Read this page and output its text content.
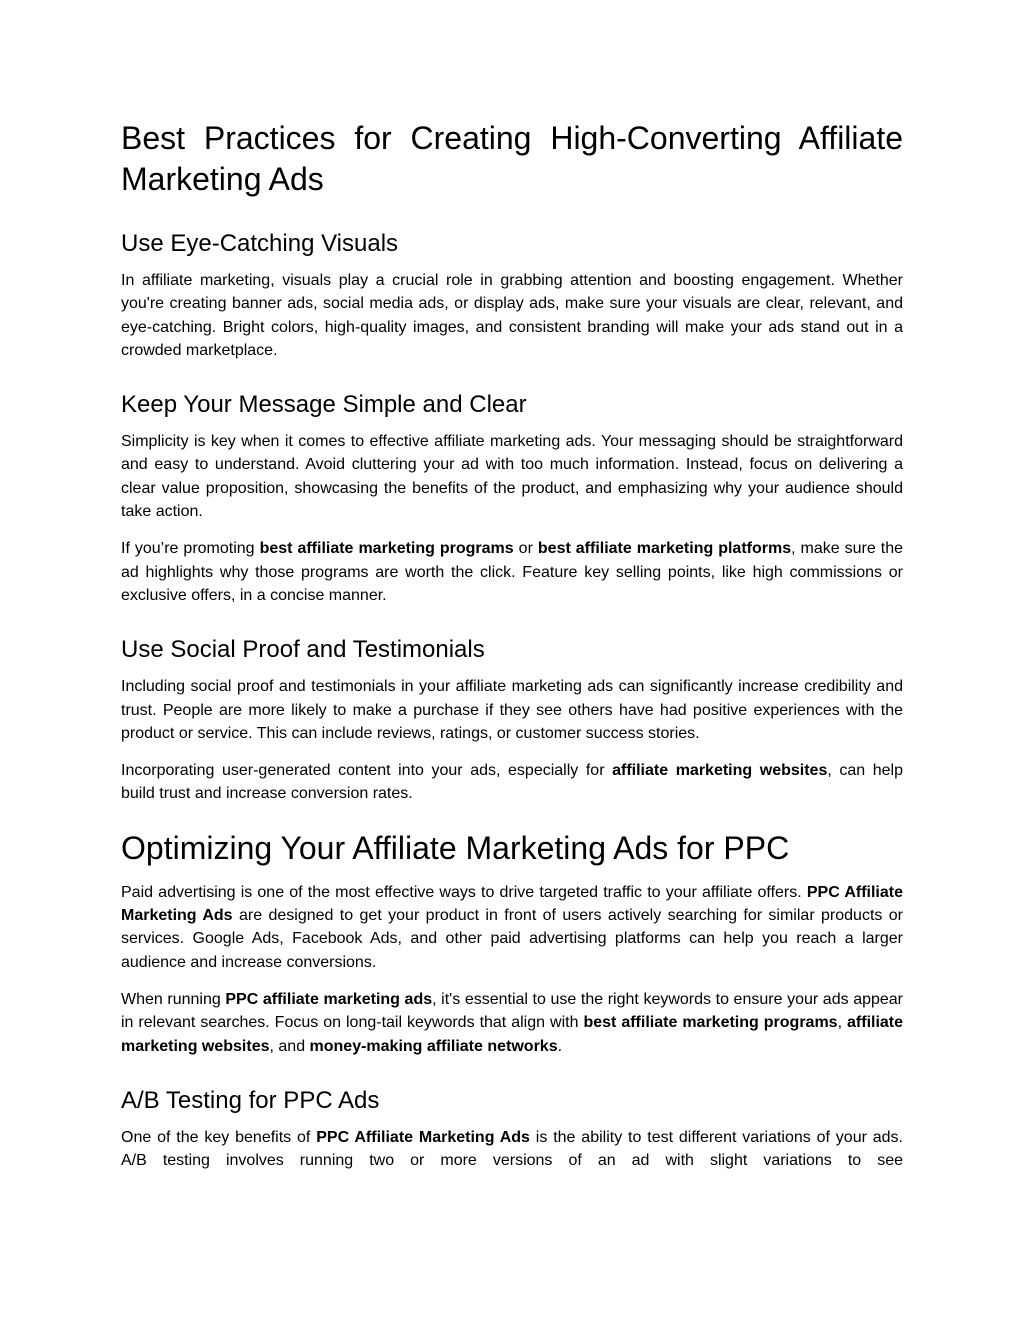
Best Practices for Creating High-Converting Affiliate Marketing Ads
Use Eye-Catching Visuals

In affiliate marketing, visuals play a crucial role in grabbing attention and boosting engagement. Whether you're creating banner ads, social media ads, or display ads, make sure your visuals are clear, relevant, and eye-catching. Bright colors, high-quality images, and consistent branding will make your ads stand out in a crowded marketplace.

Keep Your Message Simple and Clear

Simplicity is key when it comes to effective affiliate marketing ads. Your messaging should be straightforward and easy to understand. Avoid cluttering your ad with too much information. Instead, focus on delivering a clear value proposition, showcasing the benefits of the product, and emphasizing why your audience should take action.

If you’re promoting best affiliate marketing programs or best affiliate marketing platforms, make sure the ad highlights why those programs are worth the click. Feature key selling points, like high commissions or exclusive offers, in a concise manner.

Use Social Proof and Testimonials

Including social proof and testimonials in your affiliate marketing ads can significantly increase credibility and trust. People are more likely to make a purchase if they see others have had positive experiences with the product or service. This can include reviews, ratings, or customer success stories.

Incorporating user-generated content into your ads, especially for affiliate marketing websites, can help build trust and increase conversion rates.

Optimizing Your Affiliate Marketing Ads for PPC

Paid advertising is one of the most effective ways to drive targeted traffic to your affiliate offers. PPC Affiliate Marketing Ads are designed to get your product in front of users actively searching for similar products or services. Google Ads, Facebook Ads, and other paid advertising platforms can help you reach a larger audience and increase conversions.

When running PPC affiliate marketing ads, it's essential to use the right keywords to ensure your ads appear in relevant searches. Focus on long-tail keywords that align with best affiliate marketing programs, affiliate marketing websites, and money-making affiliate networks.

A/B Testing for PPC Ads

One of the key benefits of PPC Affiliate Marketing Ads is the ability to test different variations of your ads. A/B testing involves running two or more versions of an ad with slight variations to see
